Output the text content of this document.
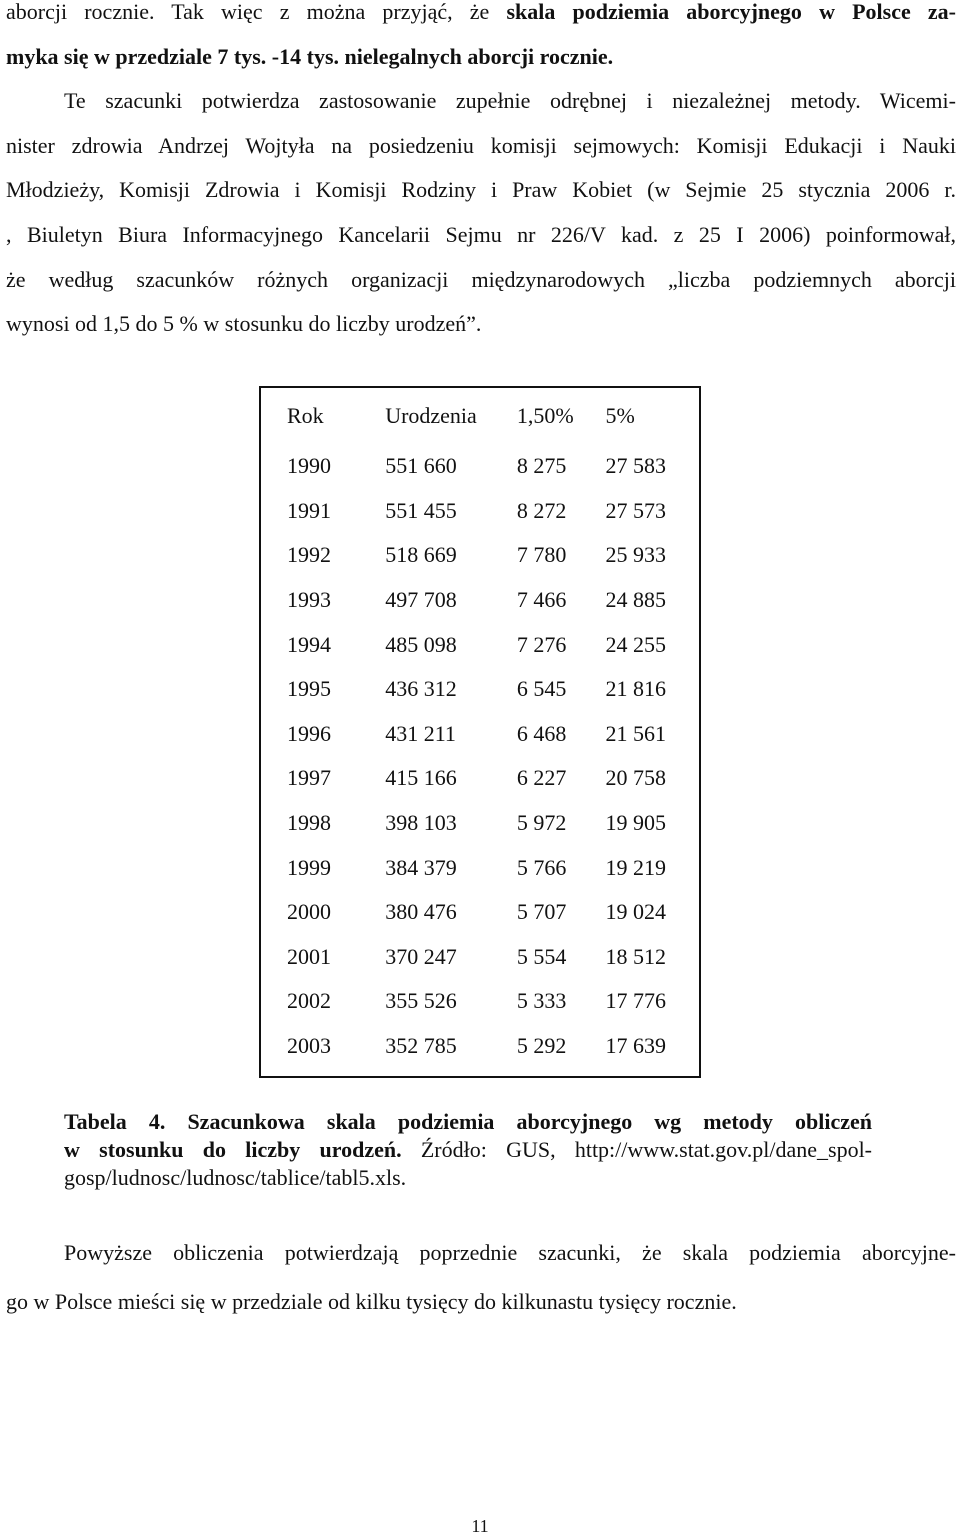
aborcji rocznie. Tak więc z można przyjąć, że skala podziemia aborcyjnego w Polsce za-
myka się w przedziale 7 tys. -14 tys. nielegalnych aborcji rocznie.
Te szacunki potwierdza zastosowanie zupełnie odrębnej i niezależnej metody. Wicemi-
nister zdrowia Andrzej Wojtyła na posiedzeniu komisji sejmowych: Komisji Edukacji i Nauki
Młodzieży, Komisji Zdrowia i Komisji Rodziny i Praw Kobiet (w Sejmie 25 stycznia 2006 r.
, Biuletyn Biura Informacyjnego Kancelarii Sejmu nr 226/V kad. z 25 I 2006) poinformował,
że według szacunków różnych organizacji międzynarodowych „liczba podziemnych aborcji
wynosi od 1,5 do 5 % w stosunku do liczby urodzeń”.
Rok	Urodzenia	1,50%	5%
1990	551 660	8 275	27 583
1991	551 455	8 272	27 573
1992	518 669	7 780	25 933
1993	497 708	7 466	24 885
1994	485 098	7 276	24 255
1995	436 312	6 545	21 816
1996	431 211	6 468	21 561
1997	415 166	6 227	20 758
1998	398 103	5 972	19 905
1999	384 379	5 766	19 219
2000	380 476	5 707	19 024
2001	370 247	5 554	18 512
2002	355 526	5 333	17 776
2003	352 785	5 292	17 639
Tabela 4. Szacunkowa skala podziemia aborcyjnego wg metody obliczeń
w stosunku do liczby urodzeń. Źródło: GUS, http://www.stat.gov.pl/dane_spol-
gosp/ludnosc/ludnosc/tablice/tabl5.xls.
Powyższe obliczenia potwierdzają poprzednie szacunki, że skala podziemia aborcyjne-
go w Polsce mieści się w przedziale od kilku tysięcy do kilkunastu tysięcy rocznie.
11
